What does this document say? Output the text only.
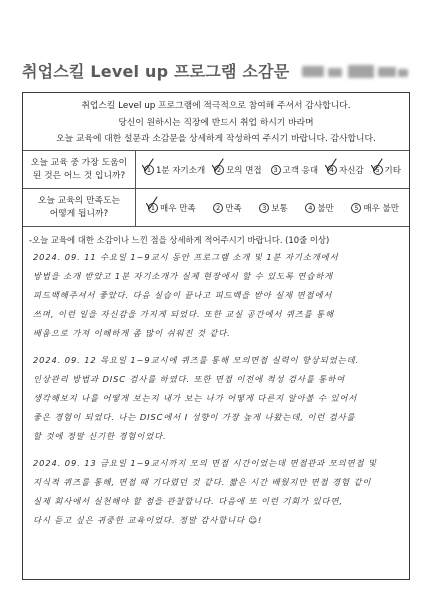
취업스킬 Level up 프로그램 소감문
취업스킬 Level up 프로그램에 적극적으로 참여해 주셔서 감사합니다.
당신이 원하시는 직장에 반드시 취업 하시기 바라며
오늘 교육에 대한 설문과 소감문을 상세하게 작성하여 주시기 바랍니다. 감사합니다.
오늘 교육 중 가장 도움이
된 것은 어느 것 입니까?
1 1분 자기소개	2 모의 면접	3 고객 응대	4 자신감	5 기타
오늘 교육의 만족도는
어떻게 됩니까?
1 매우 만족	2 만족	3 보통	4 불만	5 매우 불만
-오늘 교육에 대한 소감이나 느낀 점을 상세하게 적어주시기 바랍니다. (10줄 이상)
2024. 09. 11 수요일 1~9교시 동안 프로그램 소개 및 1분 자기소개에서
방법을 소개 받았고 1분 자기소개가 실제 현장에서 할 수 있도록 연습하게
피드백해주셔서 좋았다. 다음 실습이 끝나고 피드백을 받아 실제 면접에서
쓰며, 이런 일을 자신감을 가지게 되었다. 또한 교실 공간에서 퀴즈를 통해
배움으로 가져 이해하게 좀 많이 쉬워진 것 같다.
2024. 09. 12 목요일 1~9교시에 퀴즈를 통해 모의면접 실력이 향상되었는데.
인상관리 방법과 DISC 검사를 하였다. 또한 면접 이전에 적성 검사를 통하여
생각해보지 나를 어떻게 보는지 내가 보는 나가 어떻게 다른지 알아볼 수 있어서
좋은 경험이 되었다. 나는 DISC에서 I 성향이 가장 높게 나왔는데, 이런 검사를
할 것에 정말 신기한 경험이었다.
2024. 09. 13 금요일 1~9교시까지 모의 면접 시간이었는데 면접관과 모의면접 및
지식적 퀴즈를 통해, 면접 때 기다렸던 것 같다. 짧은 시간 배웠지만 면접 경험 같이
실제 회사에서 실천해야 할 점을 관찰합니다. 다음에 또 이런 기회가 있다면,
다시 듣고 싶은 귀중한 교육이었다. 정말 감사합니다 ☺!
